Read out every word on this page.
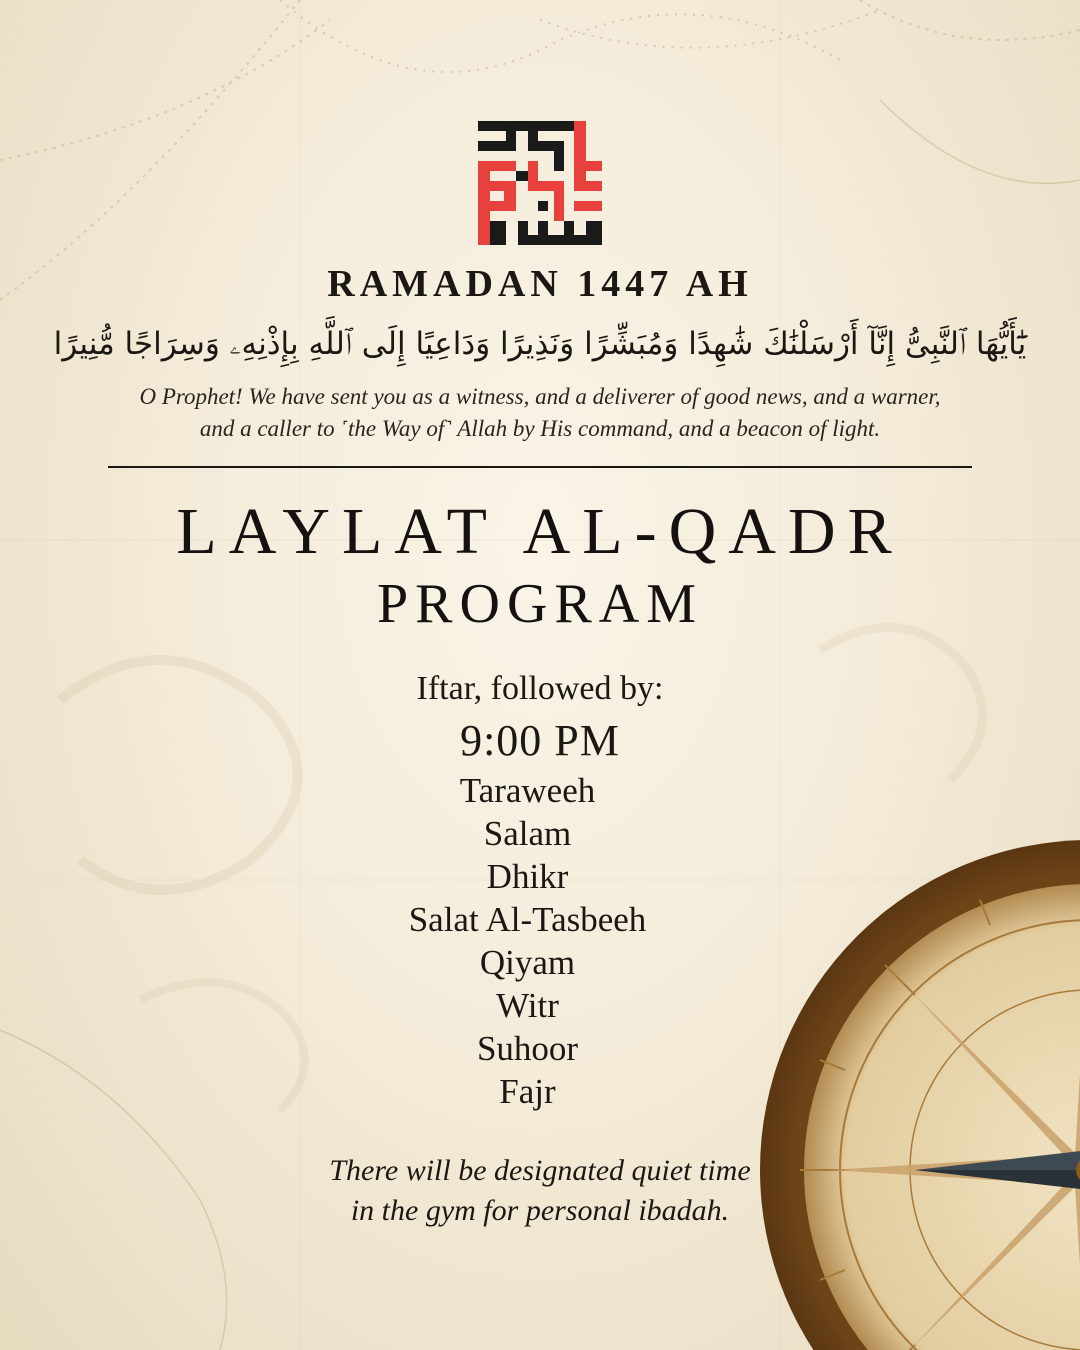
RAMADAN 1447 AH
يَٰٓأَيُّهَا ٱلنَّبِىُّ إِنَّآ أَرْسَلْنَٰكَ شَٰهِدًا وَمُبَشِّرًا وَنَذِيرًا وَدَاعِيًا إِلَى ٱللَّهِ بِإِذْنِهِۦ وَسِرَاجًا مُّنِيرًا
O Prophet! We have sent you as a witness, and a deliverer of good news, and a warner,
and a caller to ˹the Way of˺ Allah by His command, and a beacon of light.
LAYLAT AL-QADR
PROGRAM
Iftar, followed by:
9:00 PM
Taraweeh
Salam
Dhikr
Salat Al-Tasbeeh
Qiyam
Witr
Suhoor
Fajr
There will be designated quiet time in the gym for personal ibadah.
